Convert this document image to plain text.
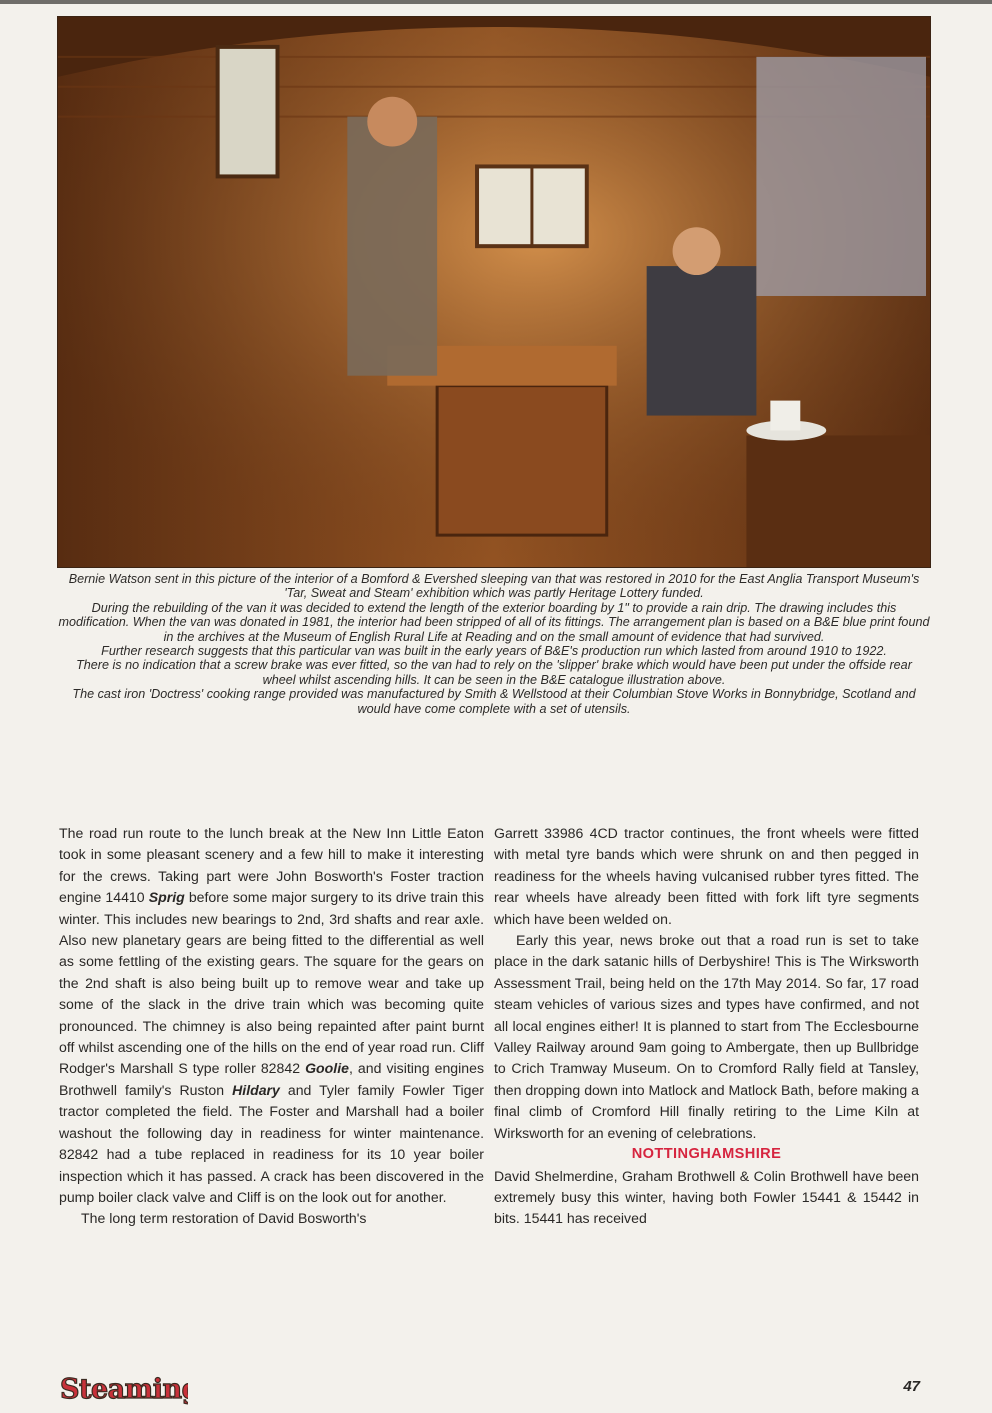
Bernie Watson sent in this picture of the interior of a Bomford & Evershed sleeping van that was restored in 2010 for the East Anglia Transport Museum's 'Tar, Sweat and Steam' exhibition which was partly Heritage Lottery funded.

During the rebuilding of the van it was decided to extend the length of the exterior boarding by 1" to provide a rain drip. The drawing includes this modification. When the van was donated in 1981, the interior had been stripped of all of its fittings. The arrangement plan is based on a B&E blue print found in the archives at the Museum of English Rural Life at Reading and on the small amount of evidence that had survived.

Further research suggests that this particular van was built in the early years of B&E's production run which lasted from around 1910 to 1922.

There is no indication that a screw brake was ever fitted, so the van had to rely on the 'slipper' brake which would have been put under the offside rear wheel whilst ascending hills. It can be seen in the B&E catalogue illustration above.

The cast iron 'Doctress' cooking range provided was manufactured by Smith & Wellstood at their Columbian Stove Works in Bonnybridge, Scotland and would have come complete with a set of utensils.

The road run route to the lunch break at the New Inn Little Eaton took in some pleasant scenery and a few hill to make it interesting for the crews. Taking part were John Bosworth's Foster traction engine 14410 Sprig before some major surgery to its drive train this winter. This includes new bearings to 2nd, 3rd shafts and rear axle. Also new planetary gears are being fitted to the differential as well as some fettling of the existing gears. The square for the gears on the 2nd shaft is also being built up to remove wear and take up some of the slack in the drive train which was becoming quite pronounced. The chimney is also being repainted after paint burnt off whilst ascending one of the hills on the end of year road run. Cliff Rodger's Marshall S type roller 82842 Goolie, and visiting engines Brothwell family's Ruston Hildary and Tyler family Fowler Tiger tractor completed the field. The Foster and Marshall had a boiler washout the following day in readiness for winter maintenance. 82842 had a tube replaced in readiness for its 10 year boiler inspection which it has passed. A crack has been discovered in the pump boiler clack valve and Cliff is on the look out for another.

The long term restoration of David Bosworth's

Garrett 33986 4CD tractor continues, the front wheels were fitted with metal tyre bands which were shrunk on and then pegged in readiness for the wheels having vulcanised rubber tyres fitted. The rear wheels have already been fitted with fork lift tyre segments which have been welded on.

Early this year, news broke out that a road run is set to take place in the dark satanic hills of Derbyshire! This is The Wirksworth Assessment Trail, being held on the 17th May 2014. So far, 17 road steam vehicles of various sizes and types have confirmed, and not all local engines either! It is planned to start from The Ecclesbourne Valley Railway around 9am going to Ambergate, then up Bullbridge to Crich Tramway Museum. On to Cromford Rally field at Tansley, then dropping down into Matlock and Matlock Bath, before making a final climb of Cromford Hill finally retiring to the Lime Kiln at Wirksworth for an evening of celebrations.

NOTTINGHAMSHIRE

David Shelmerdine, Graham Brothwell & Colin Brothwell have been extremely busy this winter, having both Fowler 15441 & 15442 in bits. 15441 has received

Steaming	47
